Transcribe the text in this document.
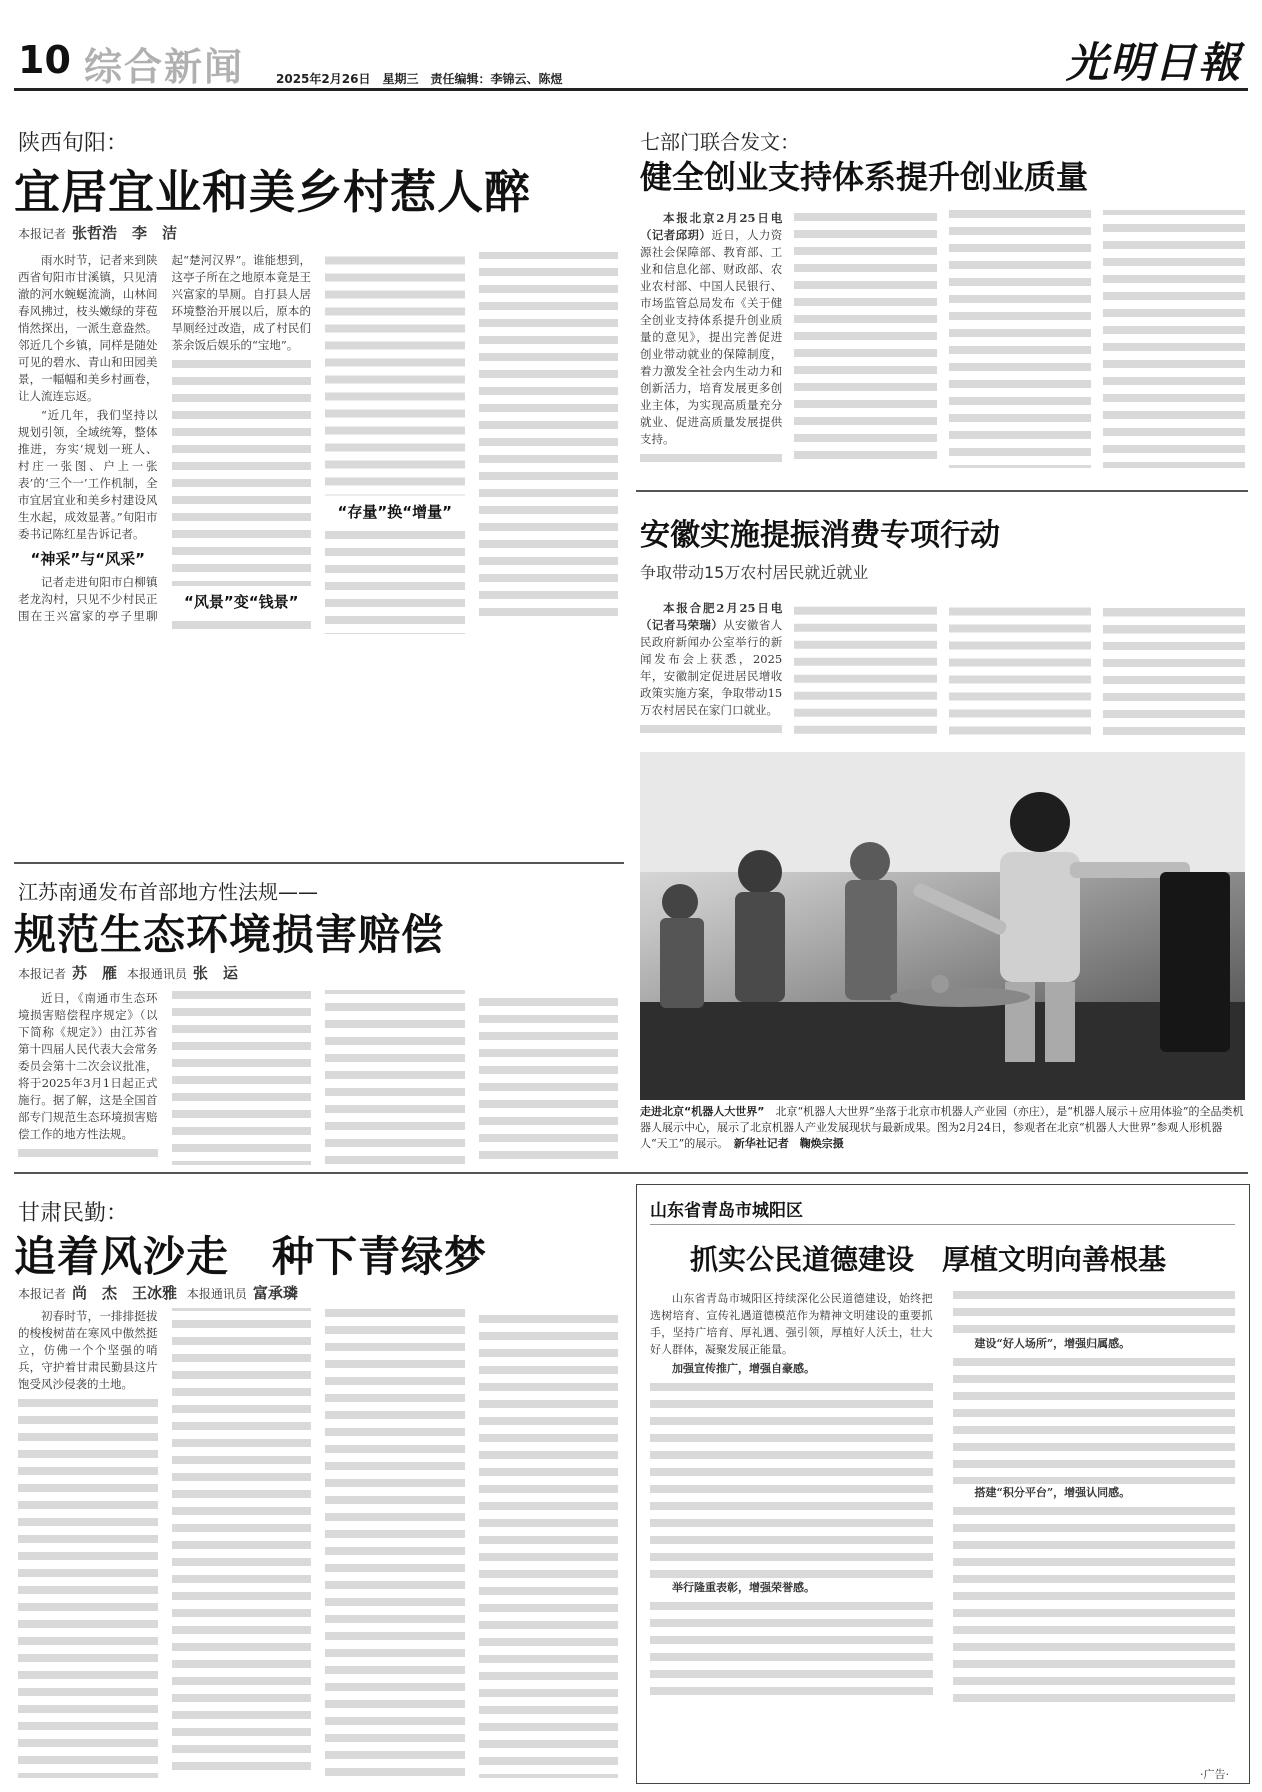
10 综合新闻	2025年2月26日　星期三　责任编辑：李锦云、陈煜	光明日報
陕西旬阳：
宜居宜业和美乡村惹人醉
本报记者 张哲浩　李　洁

雨水时节，记者来到陕西省旬阳市甘溪镇，只见清澈的河水蜿蜒流淌，山林间春风拂过，枝头嫩绿的芽苞悄然探出，一派生意盎然。邻近几个乡镇，同样是随处可见的碧水、青山和田园美景，一幅幅和美乡村画卷，让人流连忘返。

“近几年，我们坚持以规划引领，全域统筹，整体推进，夯实‘规划一班人、村庄一张图、户上一张表’的‘三个一’工作机制，全市宜居宜业和美乡村建设风生水起，成效显著。”旬阳市委书记陈红星告诉记者。

“神采”与“风采”

记者走进旬阳市白柳镇老龙沟村，只见不少村民正围在王兴富家的亭子里聊起“楚河汉界”。谁能想到，这亭子所在之地原本竟是王兴富家的旱厕。自打县人居环境整治开展以后，原本的旱厕经过改造，成了村民们茶余饭后娱乐的“宝地”。

“风景”变“钱景”
“存量”换“增量”
七部门联合发文：
健全创业支持体系提升创业质量

本报北京2月25日电（记者邱玥）近日，人力资源社会保障部、教育部、工业和信息化部、财政部、农业农村部、中国人民银行、市场监管总局发布《关于健全创业支持体系提升创业质量的意见》，提出完善促进创业带动就业的保障制度，着力激发全社会内生动力和创新活力，培育发展更多创业主体，为实现高质量充分就业、促进高质量发展提供支持。

安徽实施提振消费专项行动
争取带动15万农村居民就近就业

本报合肥2月25日电（记者马荣瑞）从安徽省人民政府新闻办公室举行的新闻发布会上获悉，2025年，安徽制定促进居民增收政策实施方案，争取带动15万农村居民在家门口就业。

走进北京“机器人大世界”　 北京“机器人大世界”坐落于北京市机器人产业园（亦庄），是“机器人展示＋应用体验”的全品类机器人展示中心，展示了北京机器人产业发展现状与最新成果。图为2月24日，参观者在北京“机器人大世界”参观人形机器人“天工”的展示。　 新华社记者　鞠焕宗摄
江苏南通发布首部地方性法规——
规范生态环境损害赔偿
本报记者 苏　雁 本报通讯员 张　运

近日，《南通市生态环境损害赔偿程序规定》（以下简称《规定》）由江苏省第十四届人民代表大会常务委员会第十二次会议批准，将于2025年3月1日起正式施行。据了解，这是全国首部专门规范生态环境损害赔偿工作的地方性法规。

甘肃民勤：
追着风沙走　种下青绿梦
本报记者 尚　杰　王冰雅 本报通讯员 富承璘

初春时节，一排排挺拔的梭梭树苗在寒风中傲然挺立，仿佛一个个坚强的哨兵，守护着甘肃民勤县这片饱受风沙侵袭的土地。

山东省青岛市城阳区
抓实公民道德建设　厚植文明向善根基

山东省青岛市城阳区持续深化公民道德建设，始终把选树培育、宣传礼遇道德模范作为精神文明建设的重要抓手，坚持广培育、厚礼遇、强引领，厚植好人沃土，壮大好人群体，凝聚发展正能量。

加强宣传推广，增强自豪感。

举行隆重表彰，增强荣誉感。

建设“好人场所”，增强归属感。

搭建“积分平台”，增强认同感。

·广告·
